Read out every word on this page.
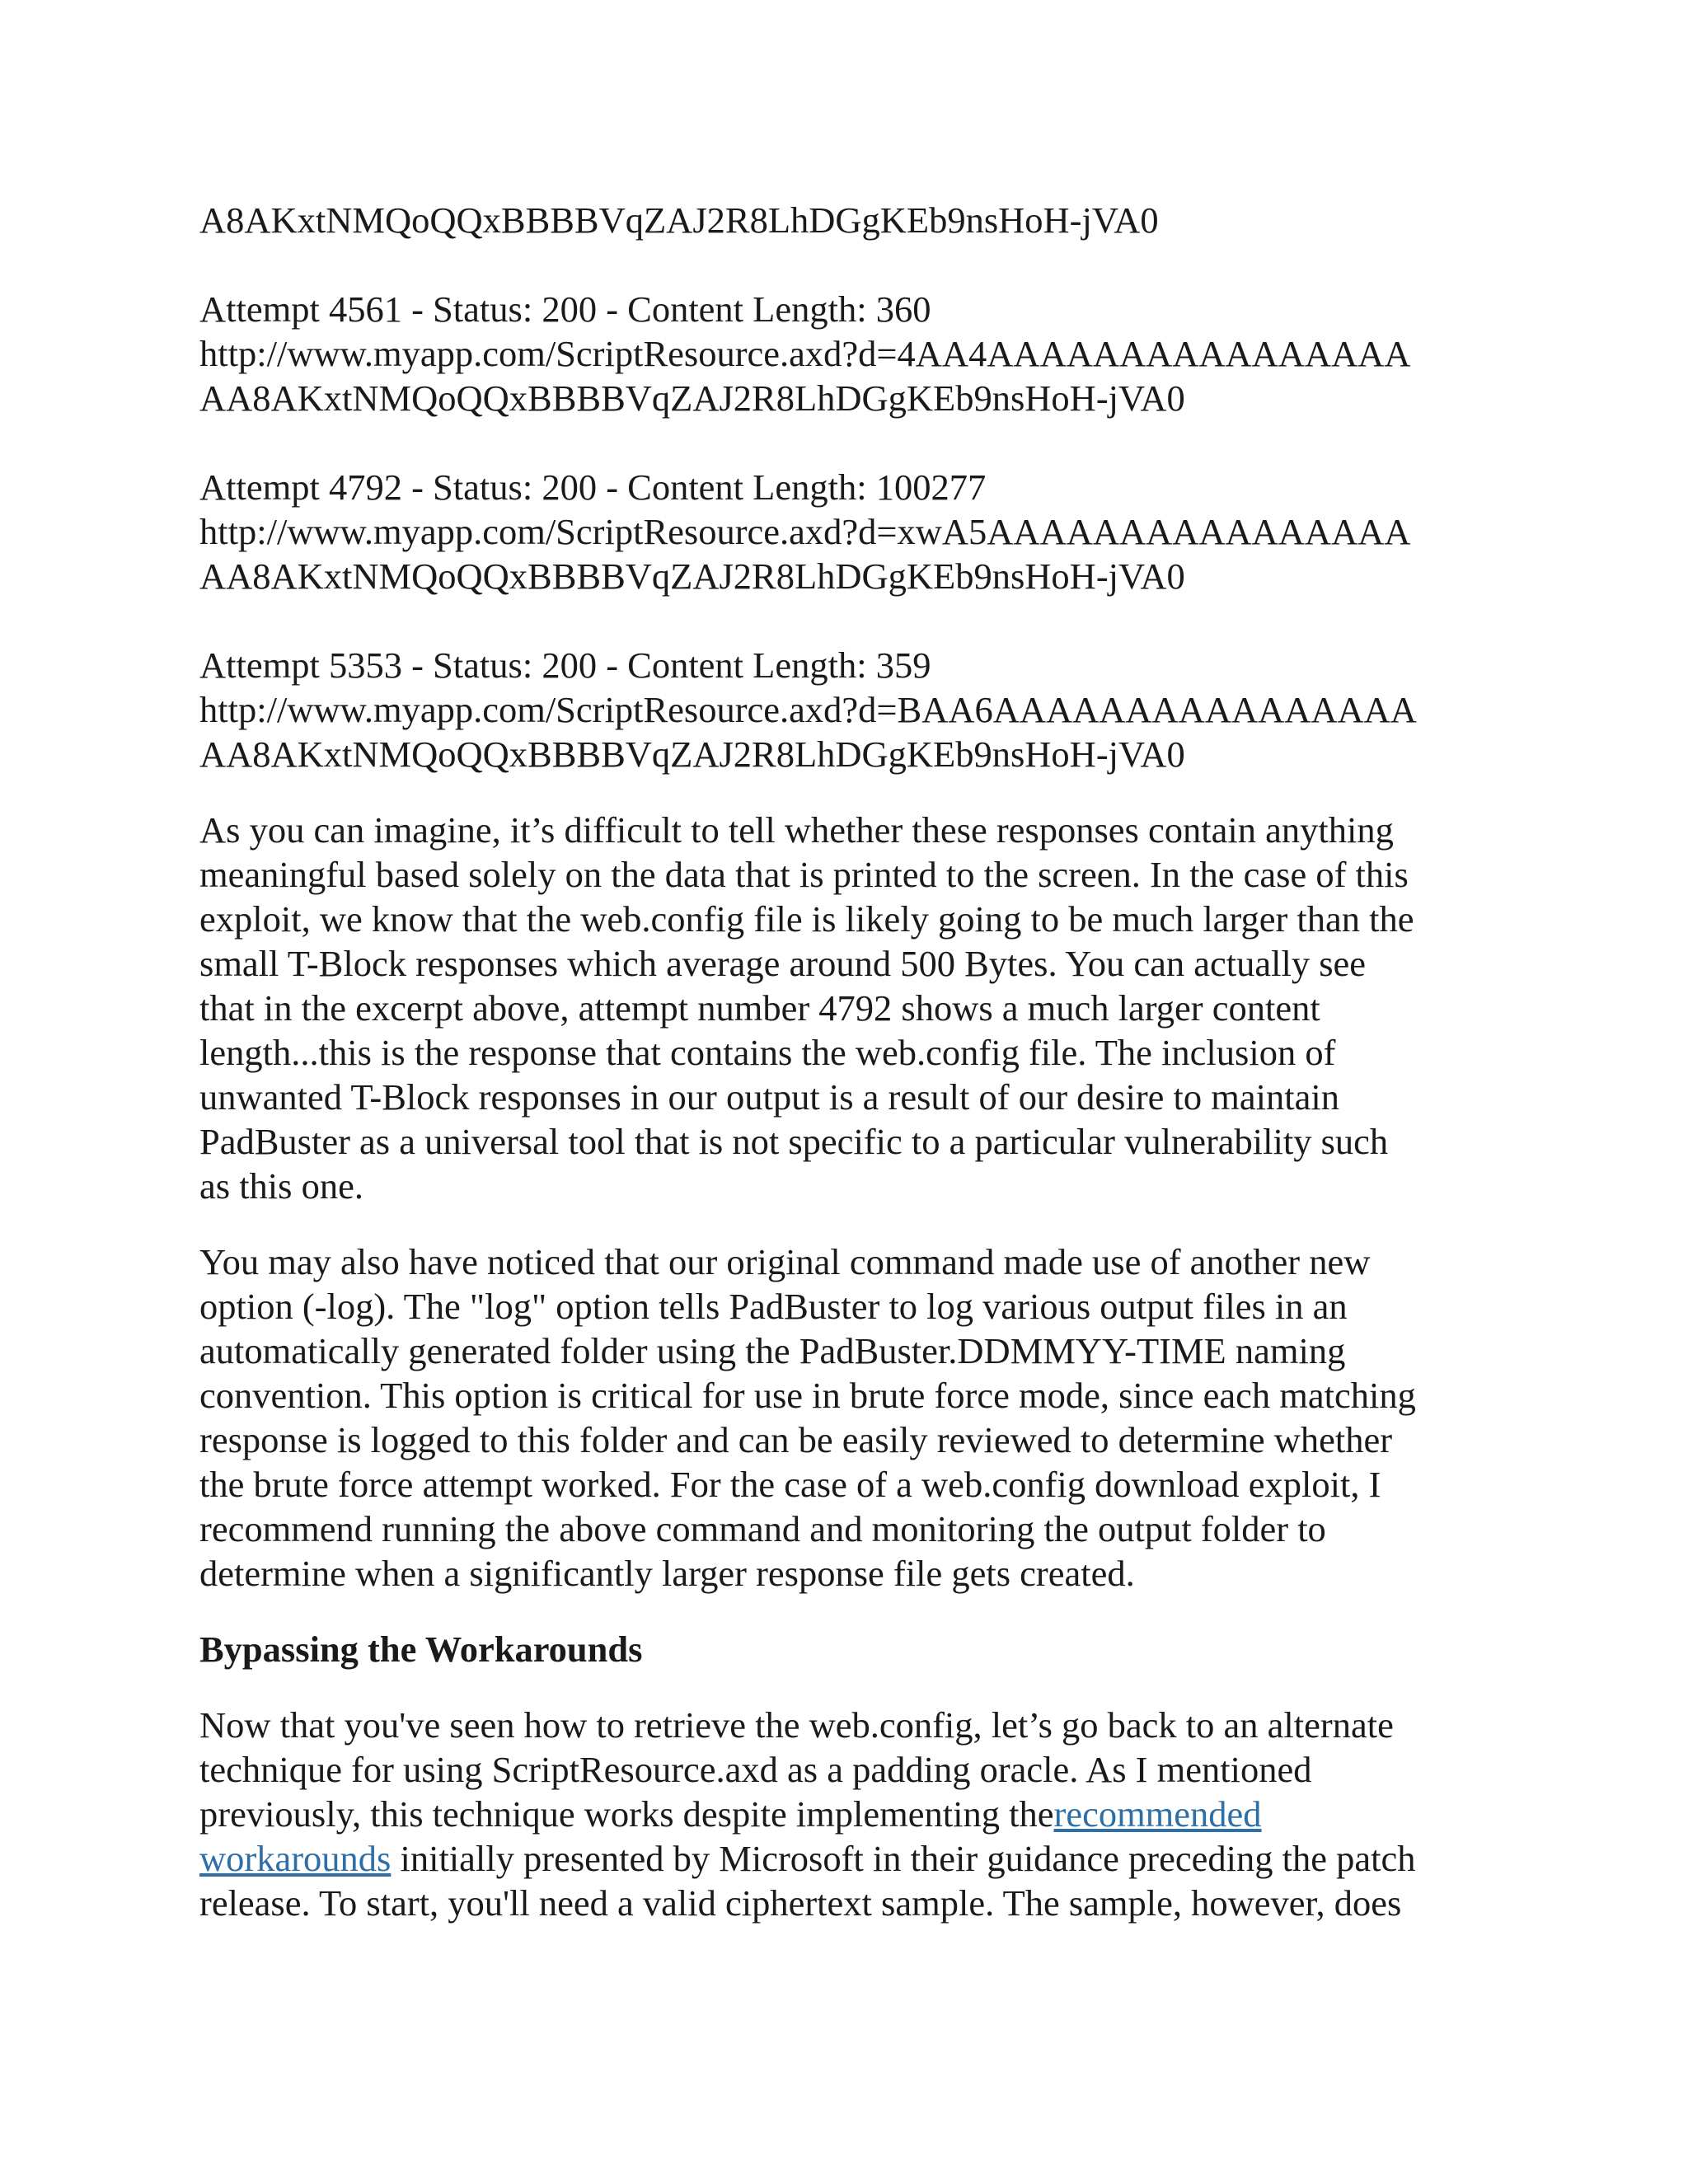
A8AKxtNMQoQQxBBBBVqZAJ2R8LhDGgKEb9nsHoH-jVA0

Attempt 4561 - Status: 200 - Content Length: 360

http://www.myapp.com/ScriptResource.axd?d=4AA4AAAAAAAAAAAAAAAA

AA8AKxtNMQoQQxBBBBVqZAJ2R8LhDGgKEb9nsHoH-jVA0

Attempt 4792 - Status: 200 - Content Length: 100277

http://www.myapp.com/ScriptResource.axd?d=xwA5AAAAAAAAAAAAAAAA

AA8AKxtNMQoQQxBBBBVqZAJ2R8LhDGgKEb9nsHoH-jVA0

Attempt 5353 - Status: 200 - Content Length: 359

http://www.myapp.com/ScriptResource.axd?d=BAA6AAAAAAAAAAAAAAAA

AA8AKxtNMQoQQxBBBBVqZAJ2R8LhDGgKEb9nsHoH-jVA0

As you can imagine, it’s difficult to tell whether these responses contain anything
meaningful based solely on the data that is printed to the screen. In the case of this
exploit, we know that the web.config file is likely going to be much larger than the
small T-Block responses which average around 500 Bytes. You can actually see
that in the excerpt above, attempt number 4792 shows a much larger content
length...this is the response that contains the web.config file. The inclusion of
unwanted T-Block responses in our output is a result of our desire to maintain
PadBuster as a universal tool that is not specific to a particular vulnerability such
as this one.
You may also have noticed that our original command made use of another new
option (-log). The "log" option tells PadBuster to log various output files in an
automatically generated folder using the PadBuster.DDMMYY-TIME naming
convention. This option is critical for use in brute force mode, since each matching
response is logged to this folder and can be easily reviewed to determine whether
the brute force attempt worked. For the case of a web.config download exploit, I
recommend running the above command and monitoring the output folder to
determine when a significantly larger response file gets created.
Bypassing the Workarounds
Now that you've seen how to retrieve the web.config, let’s go back to an alternate
technique for using ScriptResource.axd as a padding oracle. As I mentioned
previously, this technique works despite implementing therecommended
workarounds initially presented by Microsoft in their guidance preceding the patch
release. To start, you'll need a valid ciphertext sample. The sample, however, does
